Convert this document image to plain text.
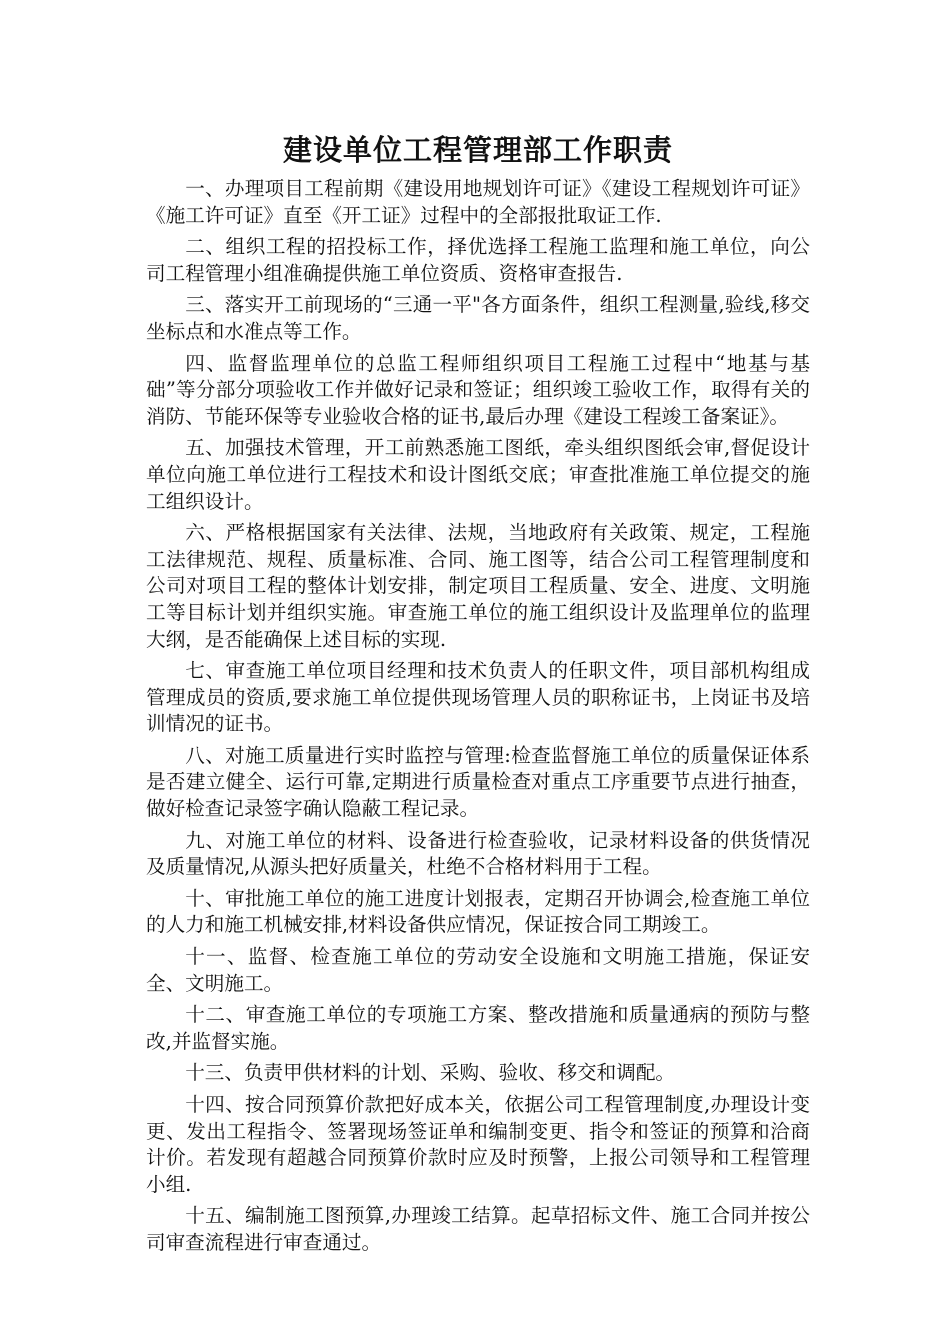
建设单位工程管理部工作职责

一、办理项目工程前期《建设用地规划许可证》《建设工程规划许可证》《施工许可证》直至《开工证》过程中的全部报批取证工作.

二、组织工程的招投标工作，择优选择工程施工监理和施工单位，向公司工程管理小组准确提供施工单位资质、资格审查报告.

三、落实开工前现场的“三通一平"各方面条件，组织工程测量,验线,移交坐标点和水准点等工作。

四、监督监理单位的总监工程师组织项目工程施工过程中“地基与基础”等分部分项验收工作并做好记录和签证；组织竣工验收工作，取得有关的消防、节能环保等专业验收合格的证书,最后办理《建设工程竣工备案证》。

五、加强技术管理，开工前熟悉施工图纸，牵头组织图纸会审,督促设计单位向施工单位进行工程技术和设计图纸交底；审查批准施工单位提交的施工组织设计。

六、严格根据国家有关法律、法规，当地政府有关政策、规定，工程施工法律规范、规程、质量标准、合同、施工图等，结合公司工程管理制度和公司对项目工程的整体计划安排，制定项目工程质量、安全、进度、文明施工等目标计划并组织实施。审查施工单位的施工组织设计及监理单位的监理大纲，是否能确保上述目标的实现.

七、审查施工单位项目经理和技术负责人的任职文件，项目部机构组成管理成员的资质,要求施工单位提供现场管理人员的职称证书，上岗证书及培训情况的证书。

八、对施工质量进行实时监控与管理:检查监督施工单位的质量保证体系是否建立健全、运行可靠,定期进行质量检查对重点工序重要节点进行抽查，做好检查记录签字确认隐蔽工程记录。

九、对施工单位的材料、设备进行检查验收，记录材料设备的供货情况及质量情况,从源头把好质量关，杜绝不合格材料用于工程。

十、审批施工单位的施工进度计划报表，定期召开协调会,检查施工单位的人力和施工机械安排,材料设备供应情况，保证按合同工期竣工。

十一、监督、检查施工单位的劳动安全设施和文明施工措施，保证安全、文明施工。

十二、审查施工单位的专项施工方案、整改措施和质量通病的预防与整改,并监督实施。

十三、负责甲供材料的计划、采购、验收、移交和调配。

十四、按合同预算价款把好成本关，依据公司工程管理制度,办理设计变更、发出工程指令、签署现场签证单和编制变更、指令和签证的预算和洽商计价。若发现有超越合同预算价款时应及时预警，上报公司领导和工程管理小组.

十五、编制施工图预算,办理竣工结算。起草招标文件、施工合同并按公司审查流程进行审查通过。
